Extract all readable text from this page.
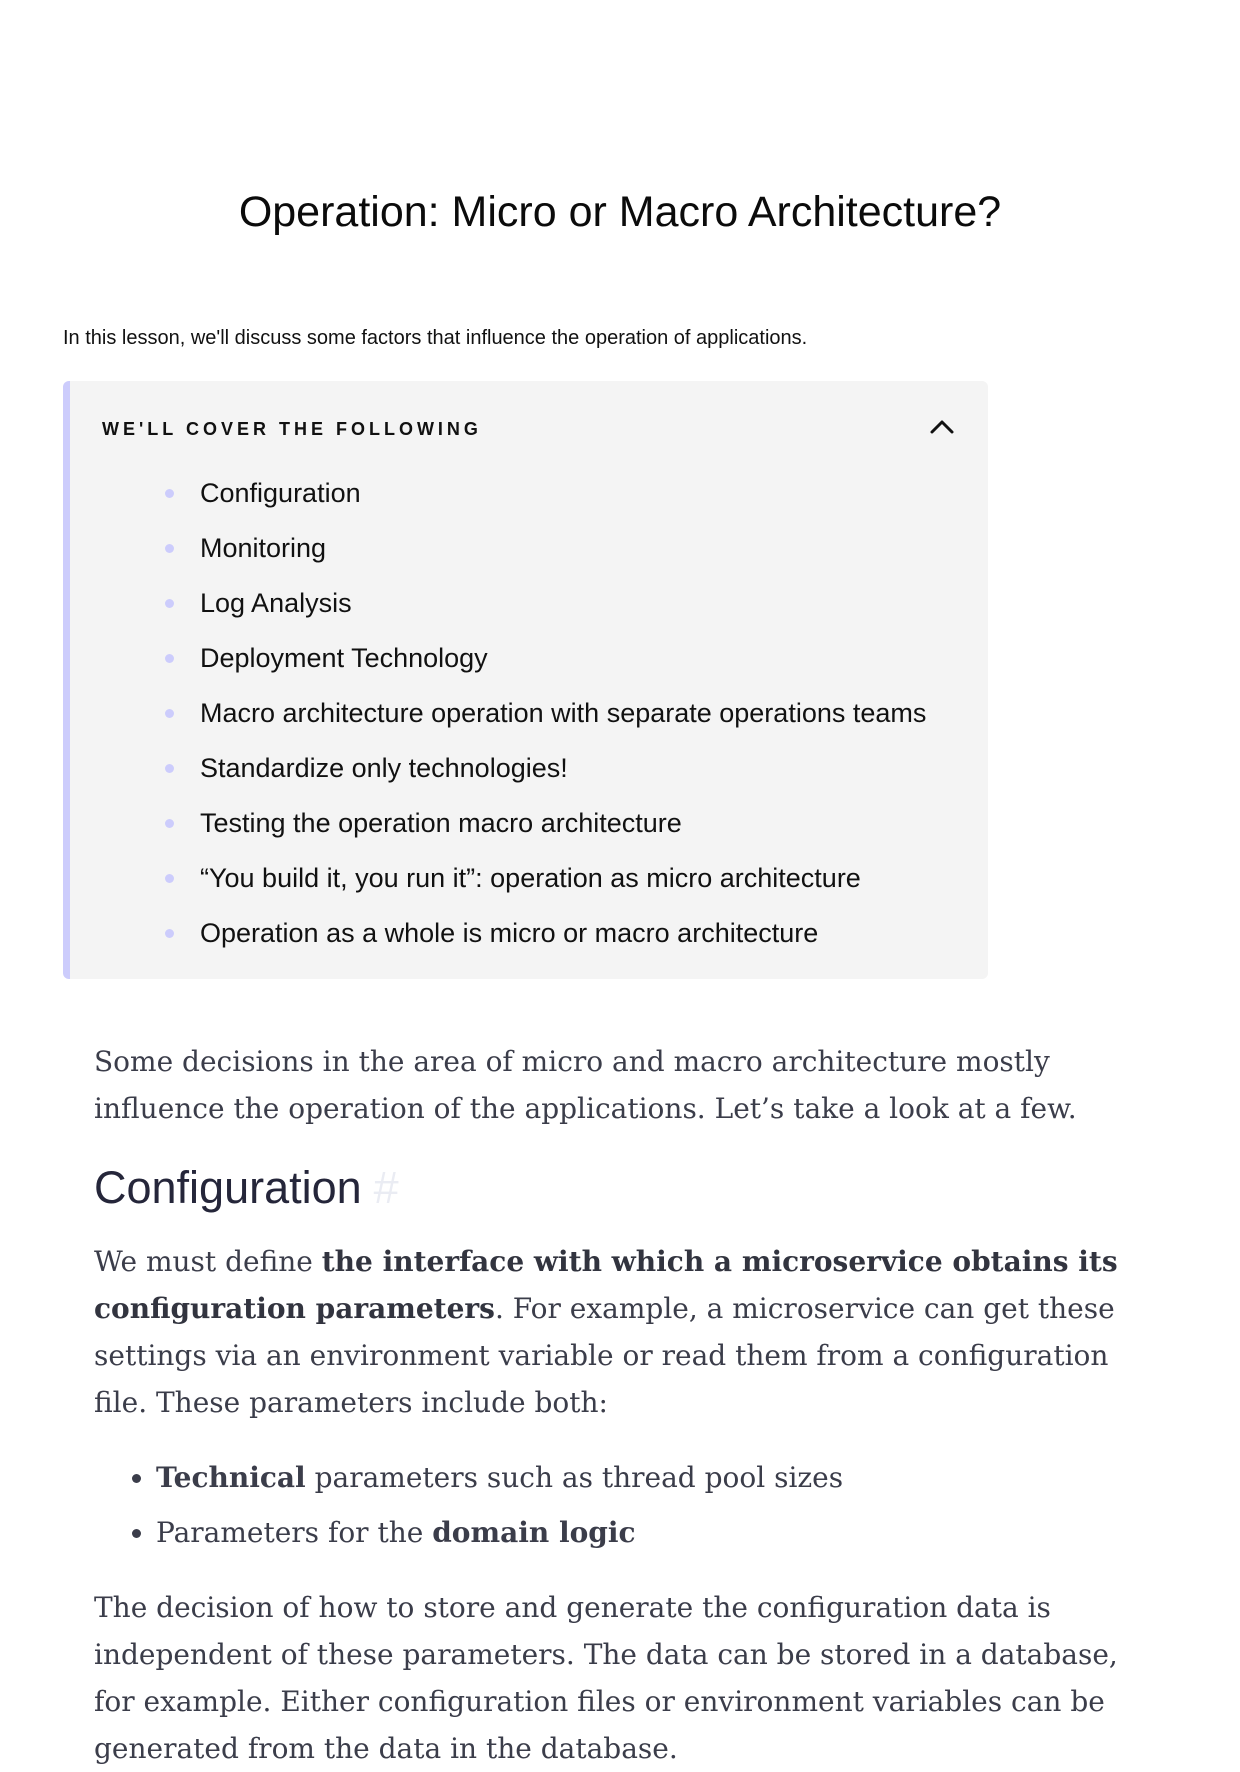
Operation: Micro or Macro Architecture?

In this lesson, we'll discuss some factors that influence the operation of applications.

WE'LL COVER THE FOLLOWING
Configuration
Monitoring
Log Analysis
Deployment Technology
Macro architecture operation with separate operations teams
Standardize only technologies!
Testing the operation macro architecture
“You build it, you run it”: operation as micro architecture
Operation as a whole is micro or macro architecture

Some decisions in the area of micro and macro architecture mostly influence the operation of the applications. Let’s take a look at a few.

Configuration #

We must define the interface with which a microservice obtains its configuration parameters. For example, a microservice can get these settings via an environment variable or read them from a configuration file. These parameters include both:

• Technical parameters such as thread pool sizes
• Parameters for the domain logic

The decision of how to store and generate the configuration data is independent of these parameters. The data can be stored in a database, for example. Either configuration files or environment variables can be generated from the data in the database.
